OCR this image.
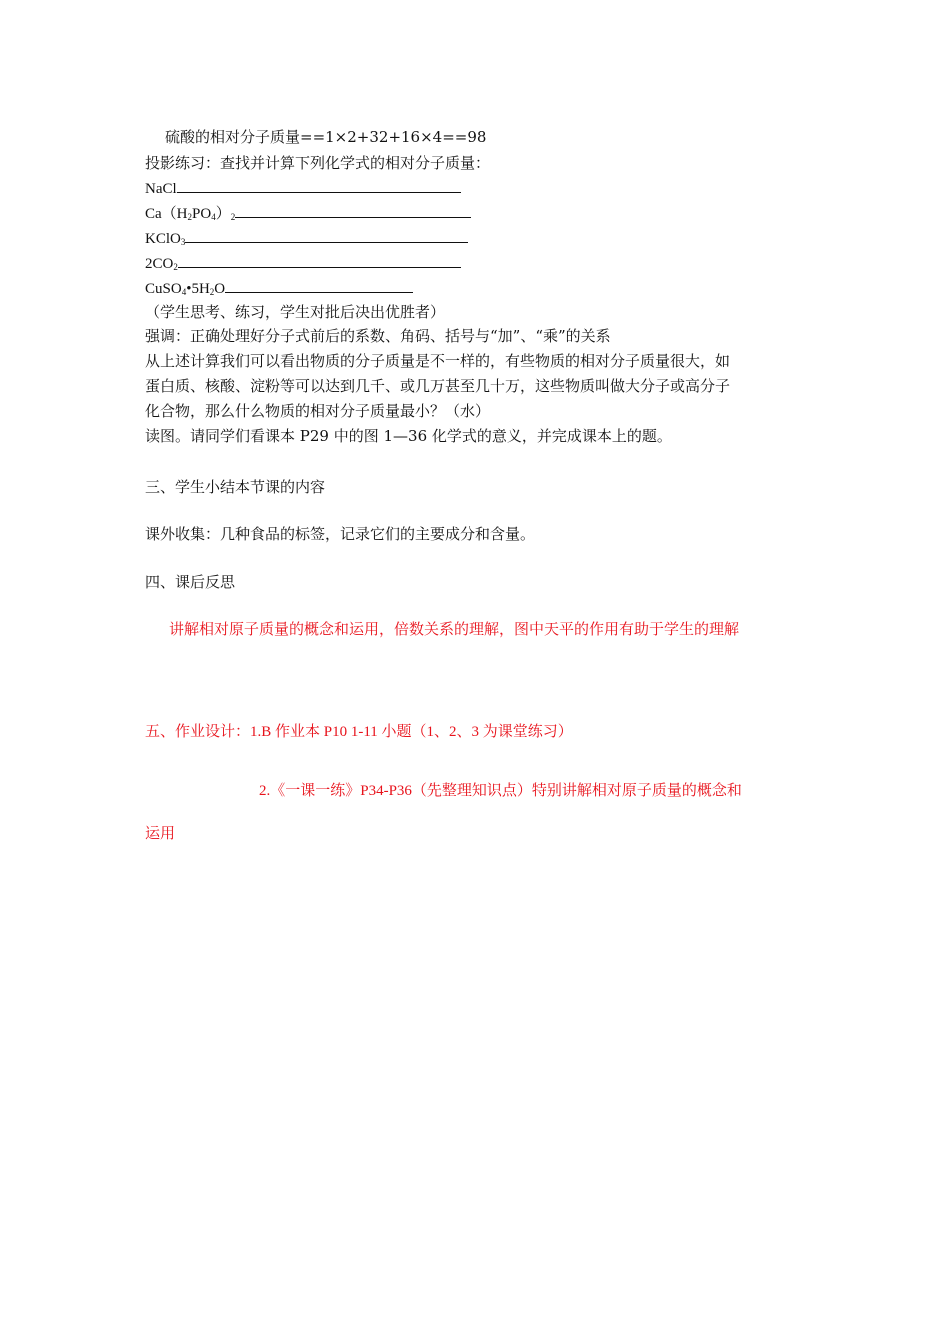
硫酸的相对分子质量==1×2+32+16×4==98
投影练习：查找并计算下列化学式的相对分子质量：
NaCl
$Ca(H_2PO_4)_2$
KClO$_3$
$2CO_2$
$CuSO_4•5H_2O$
（学生思考、练习，学生对批后决出优胜者）
强调：正确处理好分子式前后的系数、角码、括号与“加”、“乘”的关系
从上述计算我们可以看出物质的分子质量是不一样的，有些物质的相对分子质量很大，如
蛋白质、核酸、淀粉等可以达到几千、或几万甚至几十万，这些物质叫做大分子或高分子
化合物，那么什么物质的相对分子质量最小？（水）
读图。请同学们看课本 P29 中的图 1—36 化学式的意义，并完成课本上的题。
三、学生小结本节课的内容
课外收集：几种食品的标签，记录它们的主要成分和含量。
四、课后反思
讲解相对原子质量的概念和运用，倍数关系的理解，图中天平的作用有助于学生的理解
五、作业设计：1.B 作业本 P10 1-11 小题（1、2、3 为课堂练习）
2.《一课一练》P34-P36（先整理知识点）特别讲解相对原子质量的概念和
运用
